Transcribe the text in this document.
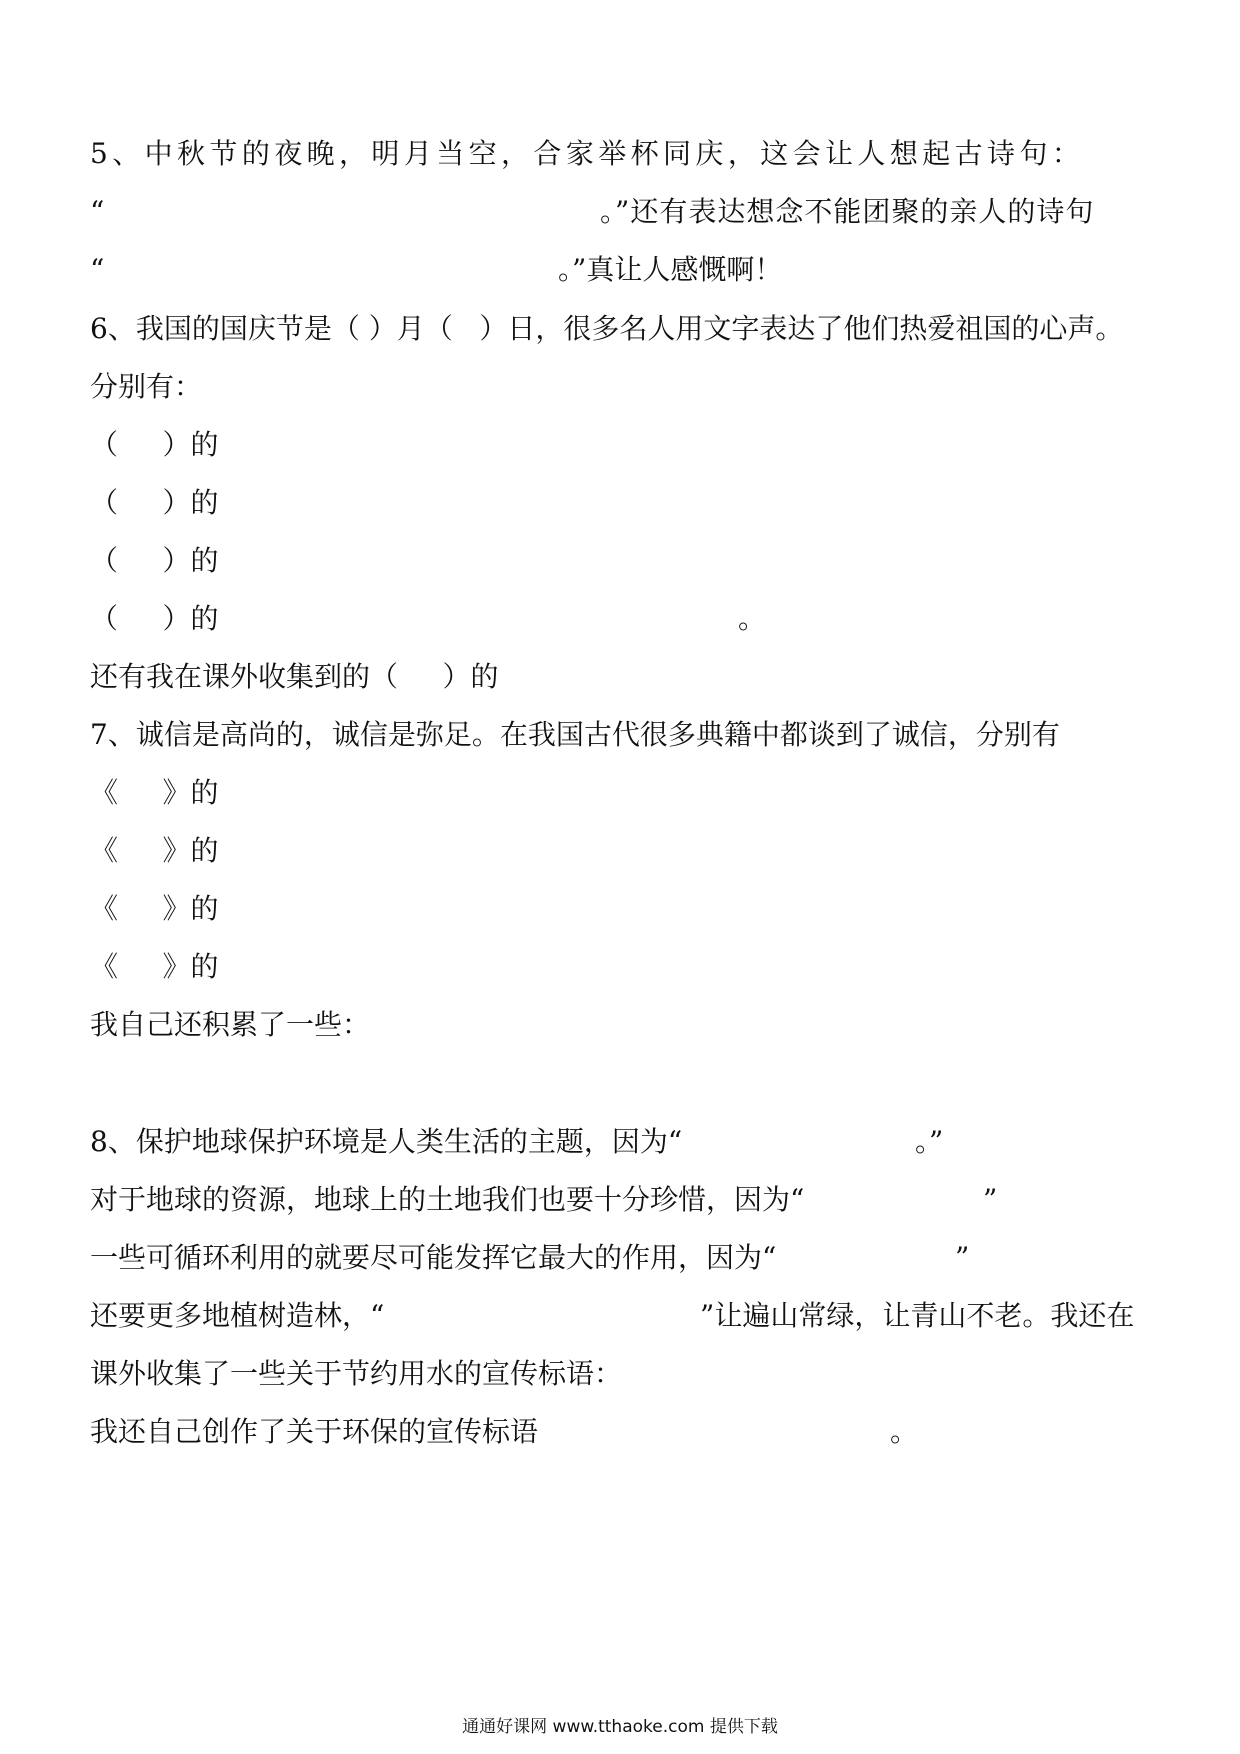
5、中秋节的夜晚，明月当空，合家举杯同庆，这会让人想起古诗句：
“	。”还有表达想念不能团聚的亲人的诗句
“	。”真让人感慨啊！
6、我国的国庆节是（ ）月（   ）日，很多名人用文字表达了他们热爱祖国的心声。
分别有：
（     ）的
（     ）的
（     ）的
（     ）的	。
还有我在课外收集到的（     ）的
7、诚信是高尚的，诚信是弥足。在我国古代很多典籍中都谈到了诚信，分别有
《     》的
《     》的
《     》的
《     》的
我自己还积累了一些：
8、保护地球保护环境是人类生活的主题，因为“	。”
对于地球的资源，地球上的土地我们也要十分珍惜，因为“	”
一些可循环利用的就要尽可能发挥它最大的作用，因为“	”
还要更多地植树造林，“	”让遍山常绿，让青山不老。我还在
课外收集了一些关于节约用水的宣传标语：
我还自己创作了关于环保的宣传标语	。
通通好课网 www.tthaoke.com 提供下载
